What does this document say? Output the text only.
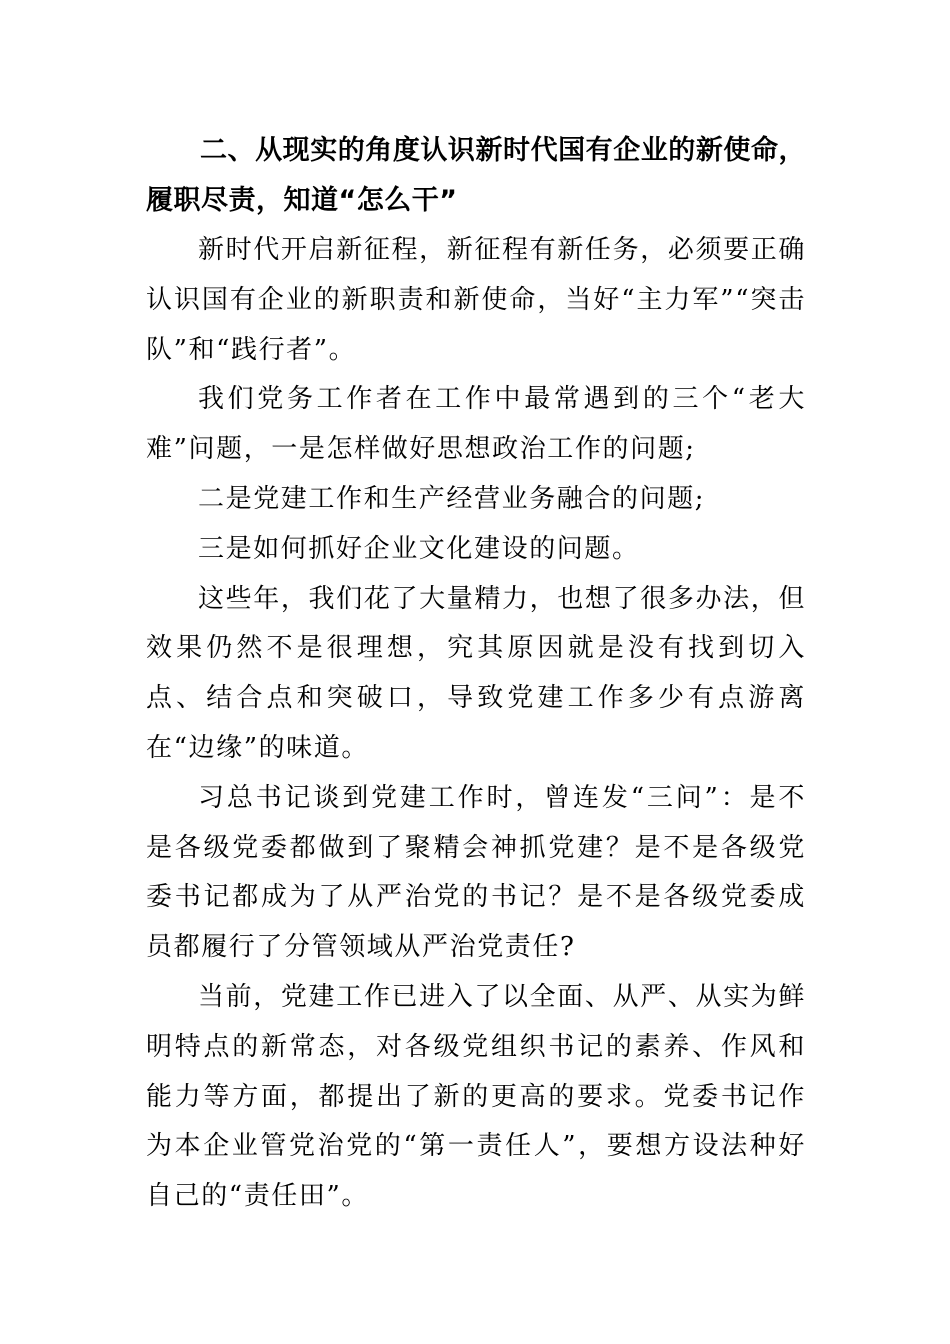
二、从现实的角度认识新时代国有企业的新使命，履职尽责，知道“怎么干”

新时代开启新征程，新征程有新任务，必须要正确认识国有企业的新职责和新使命，当好“主力军”“突击队”和“践行者”。

我们党务工作者在工作中最常遇到的三个“老大难”问题，一是怎样做好思想政治工作的问题;

二是党建工作和生产经营业务融合的问题;

三是如何抓好企业文化建设的问题。

这些年，我们花了大量精力，也想了很多办法，但效果仍然不是很理想，究其原因就是没有找到切入点、结合点和突破口，导致党建工作多少有点游离在“边缘”的味道。

习总书记谈到党建工作时，曾连发“三问”：是不是各级党委都做到了聚精会神抓党建？是不是各级党委书记都成为了从严治党的书记？是不是各级党委成员都履行了分管领域从严治党责任?

当前，党建工作已进入了以全面、从严、从实为鲜明特点的新常态，对各级党组织书记的素养、作风和能力等方面，都提出了新的更高的要求。党委书记作为本企业管党治党的“第一责任人”，要想方设法种好自己的“责任田”。
